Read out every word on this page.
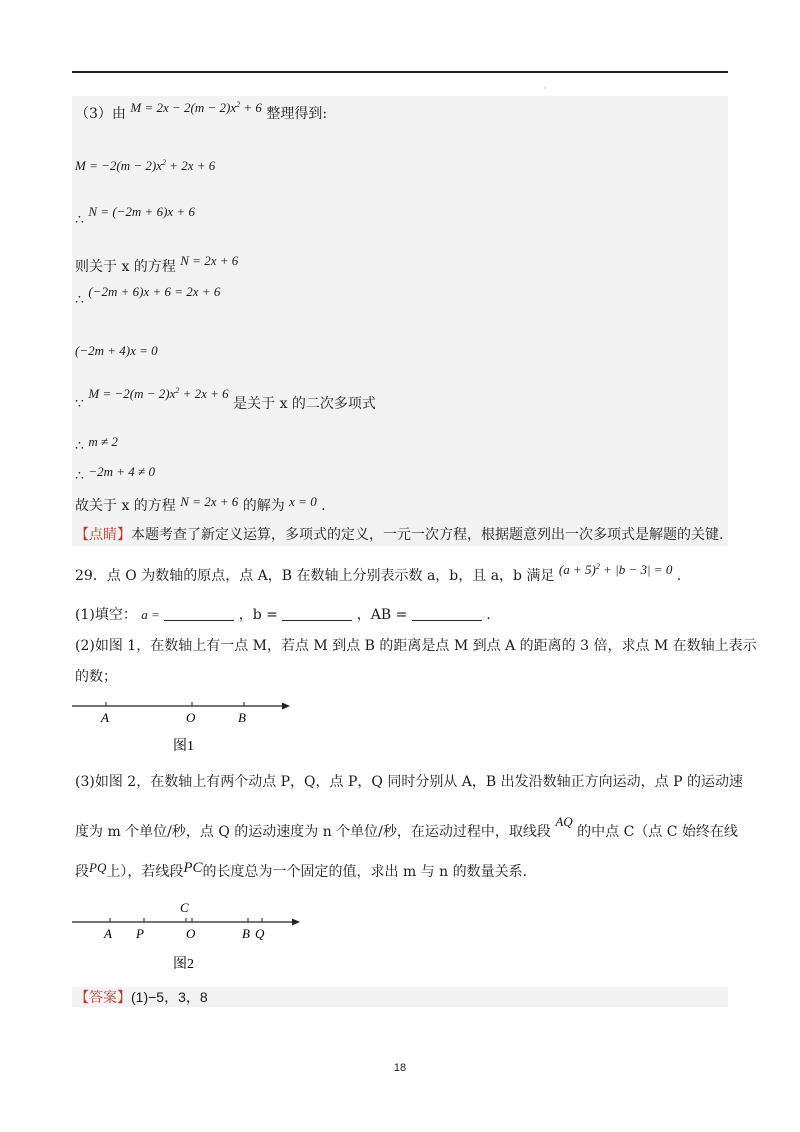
·
（3）由 $M = 2x - 2(m - 2)x^2 + 6$ 整理得到:
$M = -2(m - 2)x^2 + 2x + 6$
∴ N = (−2m + 6)x + 6
则关于 x 的方程 N = 2x + 6
∴ (−2m + 6)x + 6 = 2x + 6
(−2m + 4)x = 0
∵ $M = -2(m - 2)x^2 + 2x + 6$ 是关于 x 的二次多项式
∴ m ≠ 2
∴ −2m + 4 ≠ 0
故关于 x 的方程 N = 2x + 6 的解为 x = 0 .
【点睛】本题考查了新定义运算，多项式的定义，一元一次方程，根据题意列出一次多项式是解题的关键.
29．点 O 为数轴的原点，点 A，B 在数轴上分别表示数 a，b，且 a，b 满足 $(a + 5)^2 + |b - 3| = 0$ .
(1)填空： a =	，b =	，AB =	.
(2)如图 1，在数轴上有一点 M，若点 M 到点 B 的距离是点 M 到点 A 的距离的 3 倍，求点 M 在数轴上表示
的数；
A	O	B
图1
(3)如图 2，在数轴上有两个动点 P，Q，点 P，Q 同时分别从 A，B 出发沿数轴正方向运动，点 P 的运动速
度为 m 个单位/秒，点 Q 的运动速度为 n 个单位/秒，在运动过程中，取线段 AQ 的中点 C（点 C 始终在线
段PQ上），若线段PC的长度总为一个固定的值，求出 m 与 n 的数量关系.
C
A P	O	B Q
图2
【答案】(1)−5，3，8
18
